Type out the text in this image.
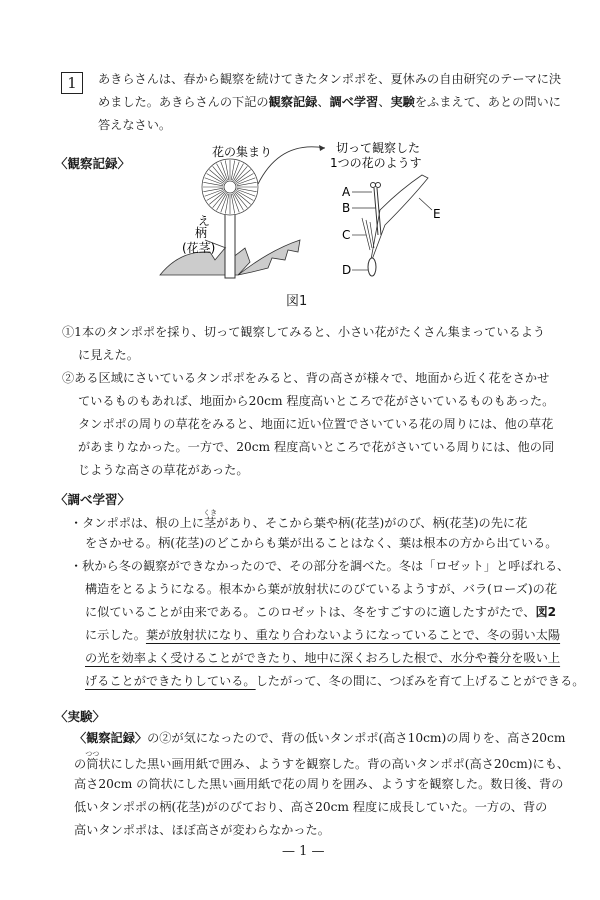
1	あきらさんは、春から観察を続けてきたタンポポを、夏休みの自由研究のテーマに決
めました。あきらさんの下記の観察記録、調べ学習、実験をふまえて、あとの問いに
答えなさい。
〈観察記録〉
え
柄
(花茎)
花の集まり	切って観察した
1つの花のようす
A
B
C
D
E
図1
①1本のタンポポを採り、切って観察してみると、小さい花がたくさん集まっているよう
に見えた。
②ある区域にさいているタンポポをみると、背の高さが様々で、地面から近く花をさかせ
ているものもあれば、地面から20cm 程度高いところで花がさいているものもあった。
タンポポの周りの草花をみると、地面に近い位置でさいている花の周りには、他の草花
があまりなかった。一方で、20cm 程度高いところで花がさいている周りには、他の同
じような高さの草花があった。
〈調べ学習〉
・タンポポは、根の上に茎くきがあり、そこから葉や柄(花茎)がのび、柄(花茎)の先に花
をさかせる。柄(花茎)のどこからも葉が出ることはなく、葉は根本の方から出ている。
・秋から冬の観察ができなかったので、その部分を調べた。冬は「ロゼット」と呼ばれる、
構造をとるようになる。根本から葉が放射状にのびているようすが、バラ(ローズ)の花
に似ていることが由来である。このロゼットは、冬をすごすのに適したすがたで、図2
に示した。葉が放射状になり、重なり合わないようになっていることで、冬の弱い太陽
の光を効率よく受けることができたり、地中に深くおろした根で、水分や養分を吸い上
げることができたりしている。したがって、冬の間に、つぼみを育て上げることができる。
〈実験〉
〈観察記録〉の②が気になったので、背の低いタンポポ(高さ10cm)の周りを、高さ20cm
の筒つつ状にした黒い画用紙で囲み、ようすを観察した。背の高いタンポポ(高さ20cm)にも、
高さ20cm の筒状にした黒い画用紙で花の周りを囲み、ようすを観察した。数日後、背の
低いタンポポの柄(花茎)がのびており、高さ20cm 程度に成長していた。一方の、背の
高いタンポポは、ほぼ高さが変わらなかった。
— 1 —
